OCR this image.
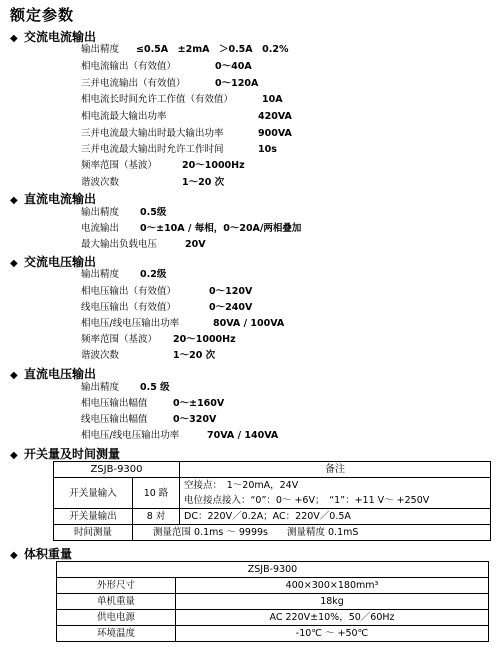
额定参数
◆ 交流电流输出
输出精度 ≤0.5A　±2mA　＞0.5A　0.2%
相电流输出（有效值）	0～40A
三并电流输出（有效值）	0～120A
相电流长时间允许工作值（有效值）	10A
相电流最大输出功率	420VA
三并电流最大输出时最大输出功率	900VA
三并电流最大输出时允许工作时间	10s
频率范围（基波）	20～1000Hz
谐波次数	1～20 次
◆ 直流电流输出
输出精度 0.5级
电流输出 0～±10A / 每相，0～20A/两相叠加
最大输出负载电压	20V
◆ 交流电压输出
输出精度 0.2级
相电压输出（有效值）	0～120V
线电压输出（有效值）	0～240V
相电压/线电压输出功率	80VA / 100VA
频率范围（基波） 20～1000Hz
谐波次数	1～20 次
◆ 直流电压输出
输出精度 0.5 级
相电压输出幅值	0～±160V
线电压输出幅值	0～320V
相电压/线电压输出功率	70VA / 140VA
◆ 开关量及时间测量
ZSJB-9300		备注
开关量输入	10 路	空接点：　1～20mA，24V
电位接点接入：“0”：0～ +6V；　“1”：+11 V～ +250V

开关量输出	8 对	DC：220V／0.2A；AC：220V／0.5A
时间测量	测量范围 0.1ms ～ 9999s　　测量精度 0.1mS	
◆ 体积重量
ZSJB-9300	
外形尺寸	400×300×180mm³
单机重量	18kg
供电电源	AC 220V±10%，50／60Hz
环境温度	-10℃ ～ +50℃
